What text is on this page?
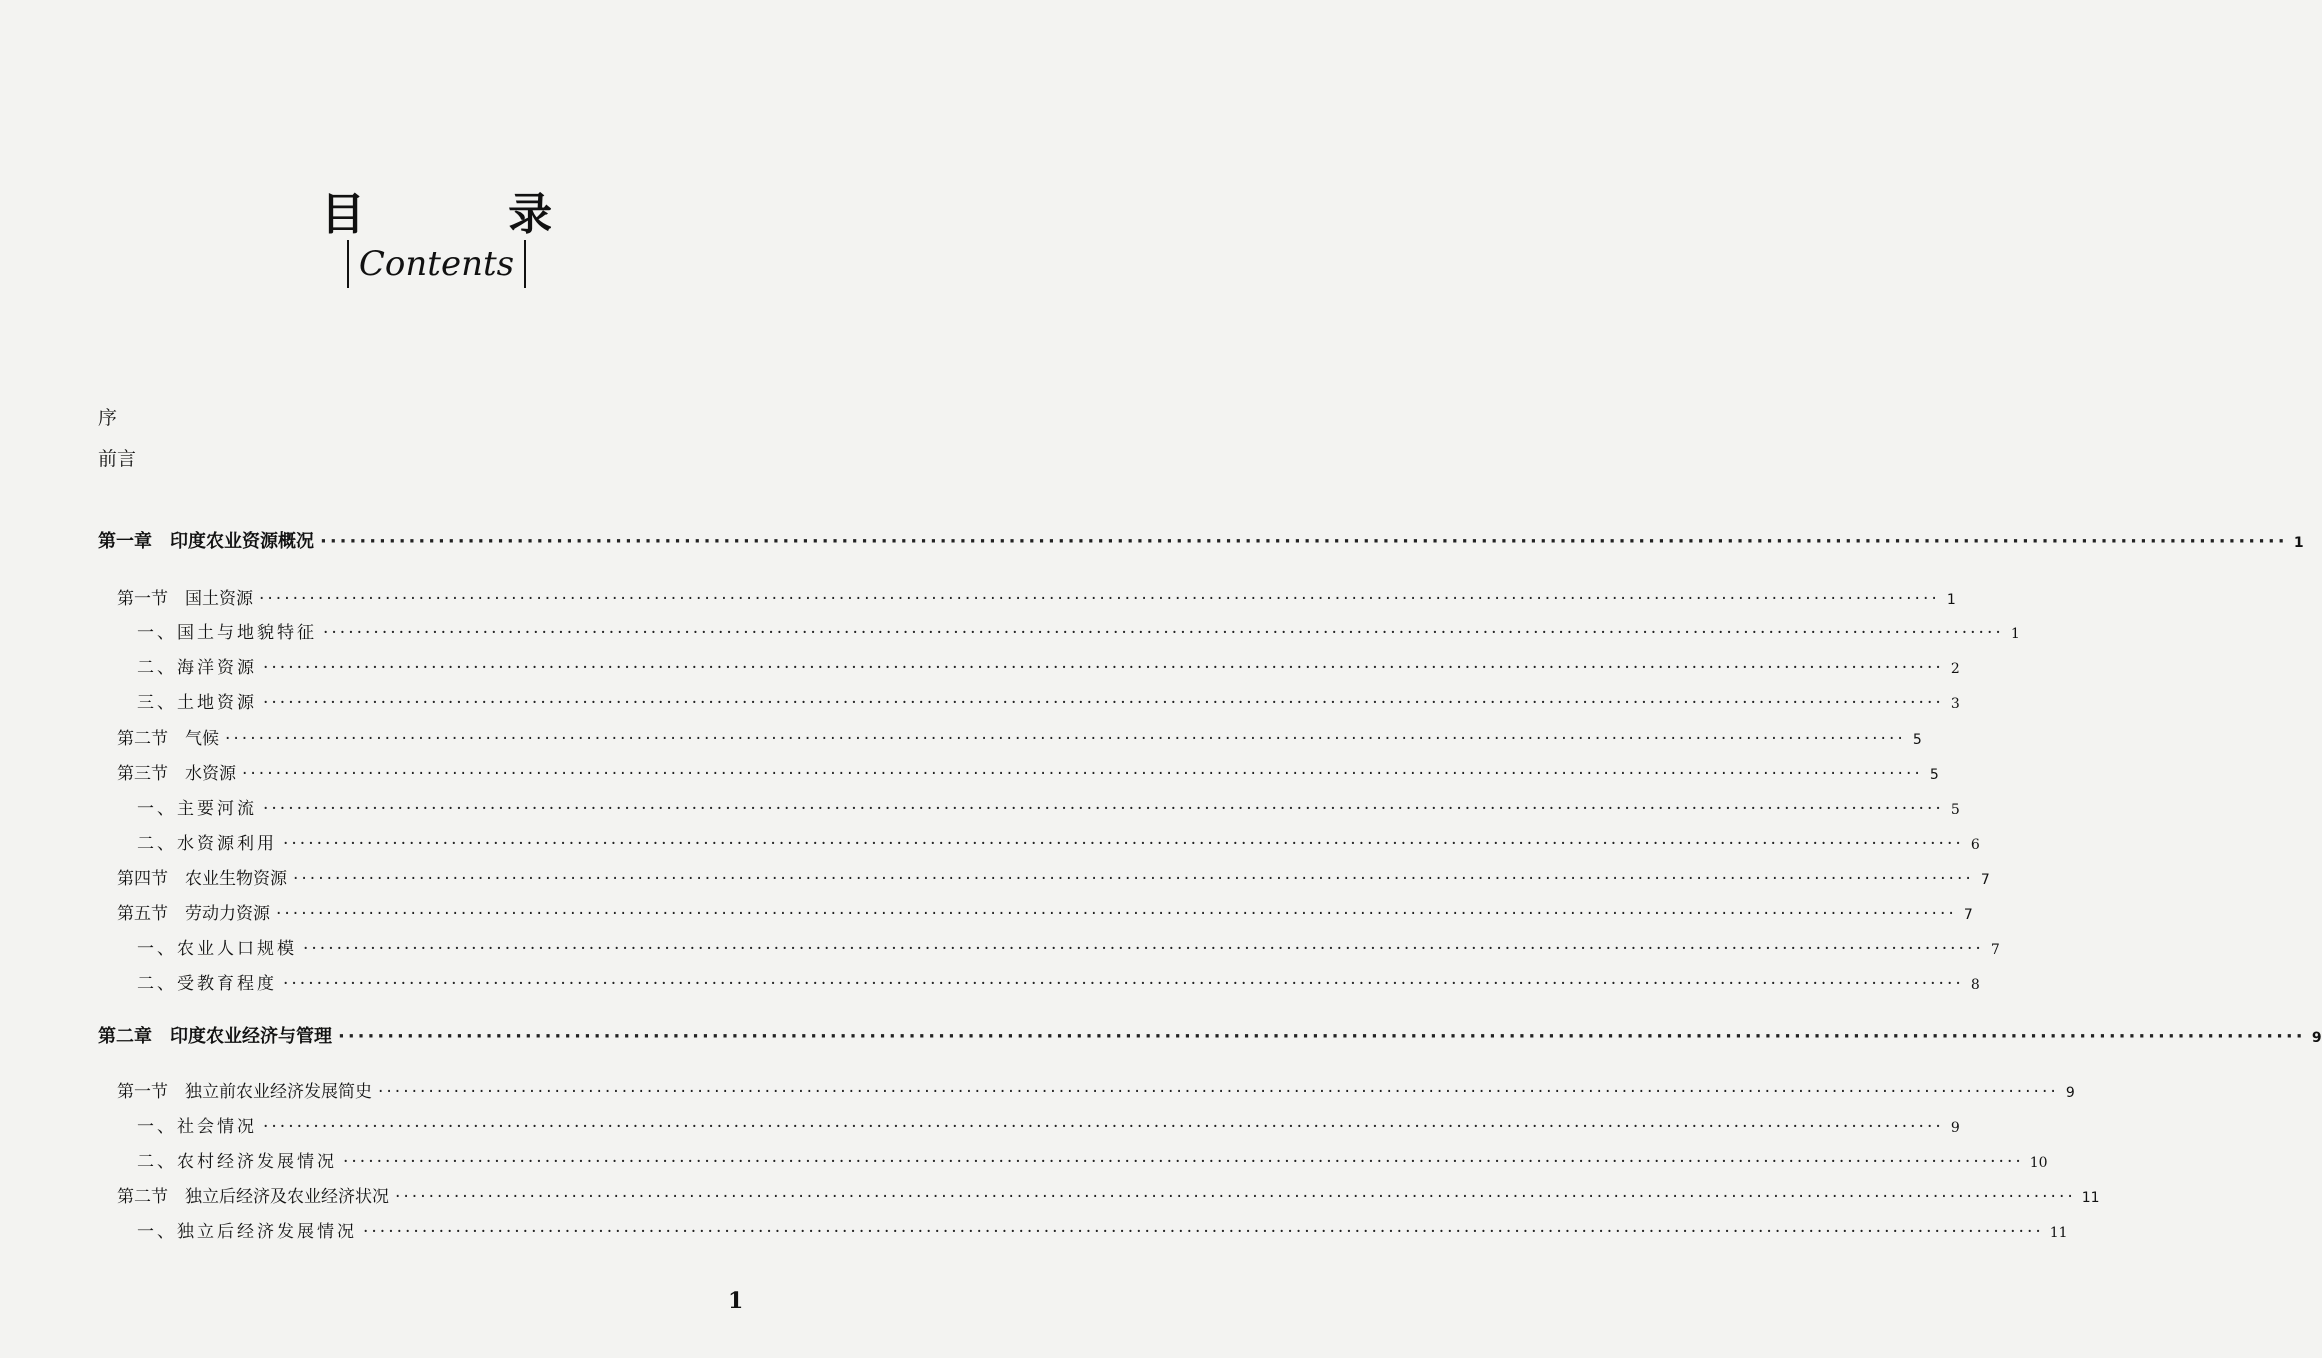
目 录
Contents
序
前言
第一章　印度农业资源概况 ········································································································································································································ 1
第一节　国土资源 ········································································································································································································ 1
一、国土与地貌特征 ········································································································································································································ 1
二、海洋资源 ········································································································································································································ 2
三、土地资源 ········································································································································································································ 3
第二节　气候 ········································································································································································································ 5
第三节　水资源 ········································································································································································································ 5
一、主要河流 ········································································································································································································ 5
二、水资源利用 ········································································································································································································ 6
第四节　农业生物资源 ········································································································································································································ 7
第五节　劳动力资源 ········································································································································································································ 7
一、农业人口规模 ········································································································································································································ 7
二、受教育程度 ········································································································································································································ 8
第二章　印度农业经济与管理 ········································································································································································································ 9
第一节　独立前农业经济发展简史 ········································································································································································································ 9
一、社会情况 ········································································································································································································ 9
二、农村经济发展情况 ········································································································································································································ 10
第二节　独立后经济及农业经济状况 ········································································································································································································ 11
一、独立后经济发展情况 ········································································································································································································ 11
1
